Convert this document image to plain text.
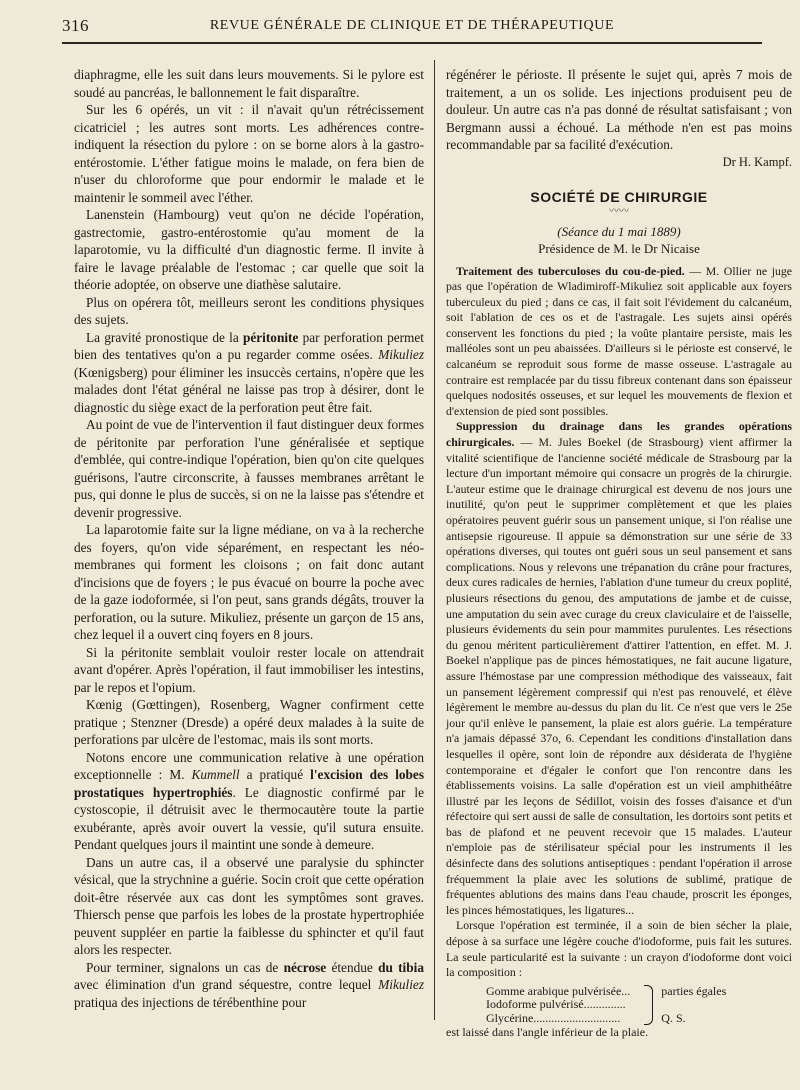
316	REVUE GÉNÉRALE DE CLINIQUE ET DE THÉRAPEUTIQUE

diaphragme, elle les suit dans leurs mouvements. Si le pylore est soudé au pancréas, le ballonnement le fait disparaître.

Sur les 6 opérés, un vit : il n'avait qu'un rétrécissement cicatriciel ; les autres sont morts. Les adhérences contre-indiquent la résection du pylore : on se borne alors à la gastro-entérostomie. L'éther fatigue moins le malade, on fera bien de n'user du chloroforme que pour endormir le malade et le maintenir le sommeil avec l'éther.

Lanenstein (Hambourg) veut qu'on ne décide l'opération, gastrectomie, gastro-entérostomie qu'au moment de la laparotomie, vu la difficulté d'un diagnostic ferme. Il invite à faire le lavage préalable de l'estomac ; car quelle que soit la théorie adoptée, on observe une diathèse salutaire.

Plus on opérera tôt, meilleurs seront les conditions physiques des sujets.

La gravité pronostique de la péritonite par perforation permet bien des tentatives qu'on a pu regarder comme osées. Mikuliez (Kœnigsberg) pour éliminer les insuccès certains, n'opère que les malades dont l'état général ne laisse pas trop à désirer, dont le diagnostic du siège exact de la perforation peut être fait.

Au point de vue de l'intervention il faut distinguer deux formes de péritonite par perforation l'une généralisée et septique d'emblée, qui contre-indique l'opération, bien qu'on cite quelques guérisons, l'autre circonscrite, à fausses membranes arrêtant le pus, qui donne le plus de succès, si on ne la laisse pas s'étendre et devenir progressive.

La laparotomie faite sur la ligne médiane, on va à la recherche des foyers, qu'on vide séparément, en respectant les néo-membranes qui forment les cloisons ; on fait donc autant d'incisions que de foyers ; le pus évacué on bourre la poche avec de la gaze iodoformée, si l'on peut, sans grands dégâts, trouver la perforation, ou la suture. Mikuliez, présente un garçon de 15 ans, chez lequel il a ouvert cinq foyers en 8 jours.

Si la péritonite semblait vouloir rester locale on attendrait avant d'opérer. Après l'opération, il faut immobiliser les intestins, par le repos et l'opium.

Kœnig (Gœttingen), Rosenberg, Wagner confirment cette pratique ; Stenzner (Dresde) a opéré deux malades à la suite de perforations par ulcère de l'estomac, mais ils sont morts.

Notons encore une communication relative à une opération exceptionnelle : M. Kummell a pratiqué l'excision des lobes prostatiques hypertrophiés. Le diagnostic confirmé par le cystoscopie, il détruisit avec le thermocautère toute la partie exubérante, après avoir ouvert la vessie, qu'il sutura ensuite. Pendant quelques jours il maintint une sonde à demeure.

Dans un autre cas, il a observé une paralysie du sphincter vésical, que la strychnine a guérie. Socin croit que cette opération doit-être réservée aux cas dont les symptômes sont graves. Thiersch pense que parfois les lobes de la prostate hypertrophiée peuvent suppléer en partie la faiblesse du sphincter et qu'il faut alors les respecter.

Pour terminer, signalons un cas de nécrose étendue du tibia avec élimination d'un grand séquestre, contre lequel Mikuliez pratiqua des injections de térébenthine pour

régénérer le périoste. Il présente le sujet qui, après 7 mois de traitement, a un os solide. Les injections produisent peu de douleur. Un autre cas n'a pas donné de résultat satisfaisant ; von Bergmann aussi a échoué. La méthode n'en est pas moins recommandable par sa facilité d'exécution.

Dr H. Kampf.
SOCIÉTÉ DE CHIRURGIE
〰〰
(Séance du 1 mai 1889)
Présidence de M. le Dr Nicaise

Traitement des tuberculoses du cou-de-pied. — M. Ollier ne juge pas que l'opération de Wladimiroff-Mikuliez soit applicable aux foyers tuberculeux du pied ; dans ce cas, il fait soit l'évidement du calcanéum, soit l'ablation de ces os et de l'astragale. Les sujets ainsi opérés conservent les fonctions du pied ; la voûte plantaire persiste, mais les malléoles sont un peu abaissées. D'ailleurs si le périoste est conservé, le calcanéum se reproduit sous forme de masse osseuse. L'astragale au contraire est remplacée par du tissu fibreux contenant dans son épaisseur quelques nodosités osseuses, et sur lequel les mouvements de flexion et d'extension de pied sont possibles.

Suppression du drainage dans les grandes opérations chirurgicales. — M. Jules Boekel (de Strasbourg) vient affirmer la vitalité scientifique de l'ancienne société médicale de Strasbourg par la lecture d'un important mémoire qui consacre un progrès de la chirurgie. L'auteur estime que le drainage chirurgical est devenu de nos jours une inutilité, qu'on peut le supprimer complètement et que les plaies opératoires peuvent guérir sous un pansement unique, si l'on réalise une antisepsie rigoureuse. Il appuie sa démonstration sur une série de 33 opérations diverses, qui toutes ont guéri sous un seul pansement et sans complications. Nous y relevons une trépanation du crâne pour fractures, deux cures radicales de hernies, l'ablation d'une tumeur du creux poplité, plusieurs résections du genou, des amputations de jambe et de cuisse, une amputation du sein avec curage du creux claviculaire et de l'aisselle, plusieurs évidements du sein pour mammites purulentes. Les résections du genou méritent particulièrement d'attirer l'attention, en effet. M. J. Boekel n'applique pas de pinces hémostatiques, ne fait aucune ligature, assure l'hémostase par une compression méthodique des vaisseaux, fait un pansement légèrement compressif qui n'est pas renouvelé, et élève légèrement le membre au-dessus du plan du lit. Ce n'est que vers le 25e jour qu'il enlève le pansement, la plaie est alors guérie. La température n'a jamais dépassé 37o, 6. Cependant les conditions d'installation dans lesquelles il opère, sont loin de répondre aux désiderata de l'hygiène contemporaine et d'égaler le confort que l'on rencontre dans les établissements voisins. La salle d'opération est un vieil amphithéâtre illustré par les leçons de Sédillot, voisin des fosses d'aisance et d'un réfectoire qui sert aussi de salle de consultation, les dortoirs sont petits et bas de plafond et ne peuvent recevoir que 15 malades. L'auteur n'emploie pas de stérilisateur spécial pour les instruments il les désinfecte dans des solutions antiseptiques : pendant l'opération il arrose fréquemment la plaie avec les solutions de sublimé, pratique de fréquentes ablutions des mains dans l'eau chaude, proscrit les éponges, les pinces hémostatiques, les ligatures...

Lorsque l'opération est terminée, il a soin de bien sécher la plaie, dépose à sa surface une légère couche d'iodoforme, puis fait les sutures. La seule particularité est la suivante : un crayon d'iodoforme dont voici la composition :

Gomme arabique pulvérisée...
Iodoforme pulvérisé..............
Glycérine.............................
parties égales
Q. S.
est laissé dans l'angle inférieur de la plaie.
